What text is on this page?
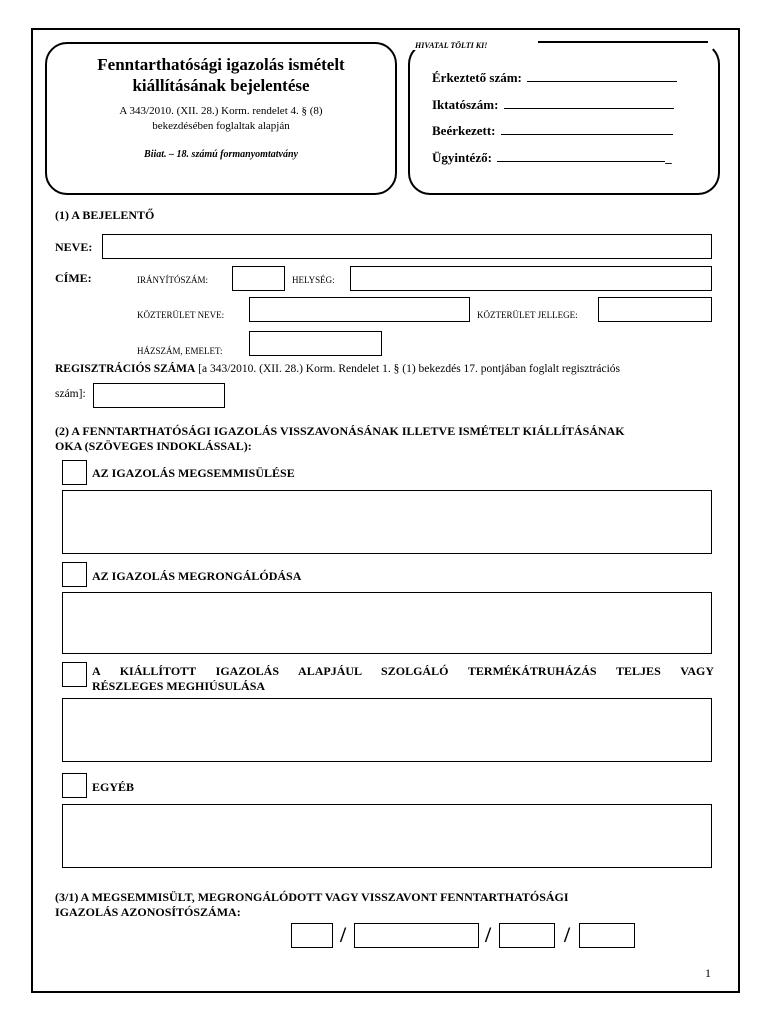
Fenntarthatósági igazolás ismételt
kiállításának bejelentése
A 343/2010. (XII. 28.) Korm. rendelet 4. § (8)
bekezdésében foglaltak alapján
Biiat. – 18. számú formanyomtatvány
HIVATAL TÖLTI KI!
Érkeztető szám:
Iktatószám:
Beérkezett:
Ügyintéző:	_
(1) A BEJELENTŐ
NEVE:
CÍME:	IRÁNYÍTÓSZÁM:	HELYSÉG:
KÖZTERÜLET NEVE:	KÖZTERÜLET JELLEGE:
HÁZSZÁM, EMELET:
REGISZTRÁCIÓS SZÁMA [a 343/2010. (XII. 28.) Korm. Rendelet 1. § (1) bekezdés 17. pontjában foglalt regisztrációs
szám]:
(2) A FENNTARTHATÓSÁGI IGAZOLÁS VISSZAVONÁSÁNAK ILLETVE ISMÉTELT KIÁLLÍTÁSÁNAK
OKA (SZÖVEGES INDOKLÁSSAL):
AZ IGAZOLÁS MEGSEMMISÜLÉSE
AZ IGAZOLÁS MEGRONGÁLÓDÁSA
A KIÁLLÍTOTT IGAZOLÁS ALAPJÁUL SZOLGÁLÓ TERMÉKÁTRUHÁZÁS TELJES VAGY
RÉSZLEGES MEGHIÚSULÁSA
EGYÉB
(3/1) A MEGSEMMISÜLT, MEGRONGÁLÓDOTT VAGY VISSZAVONT FENNTARTHATÓSÁGI
IGAZOLÁS AZONOSÍTÓSZÁMA:
/	/	/
1
